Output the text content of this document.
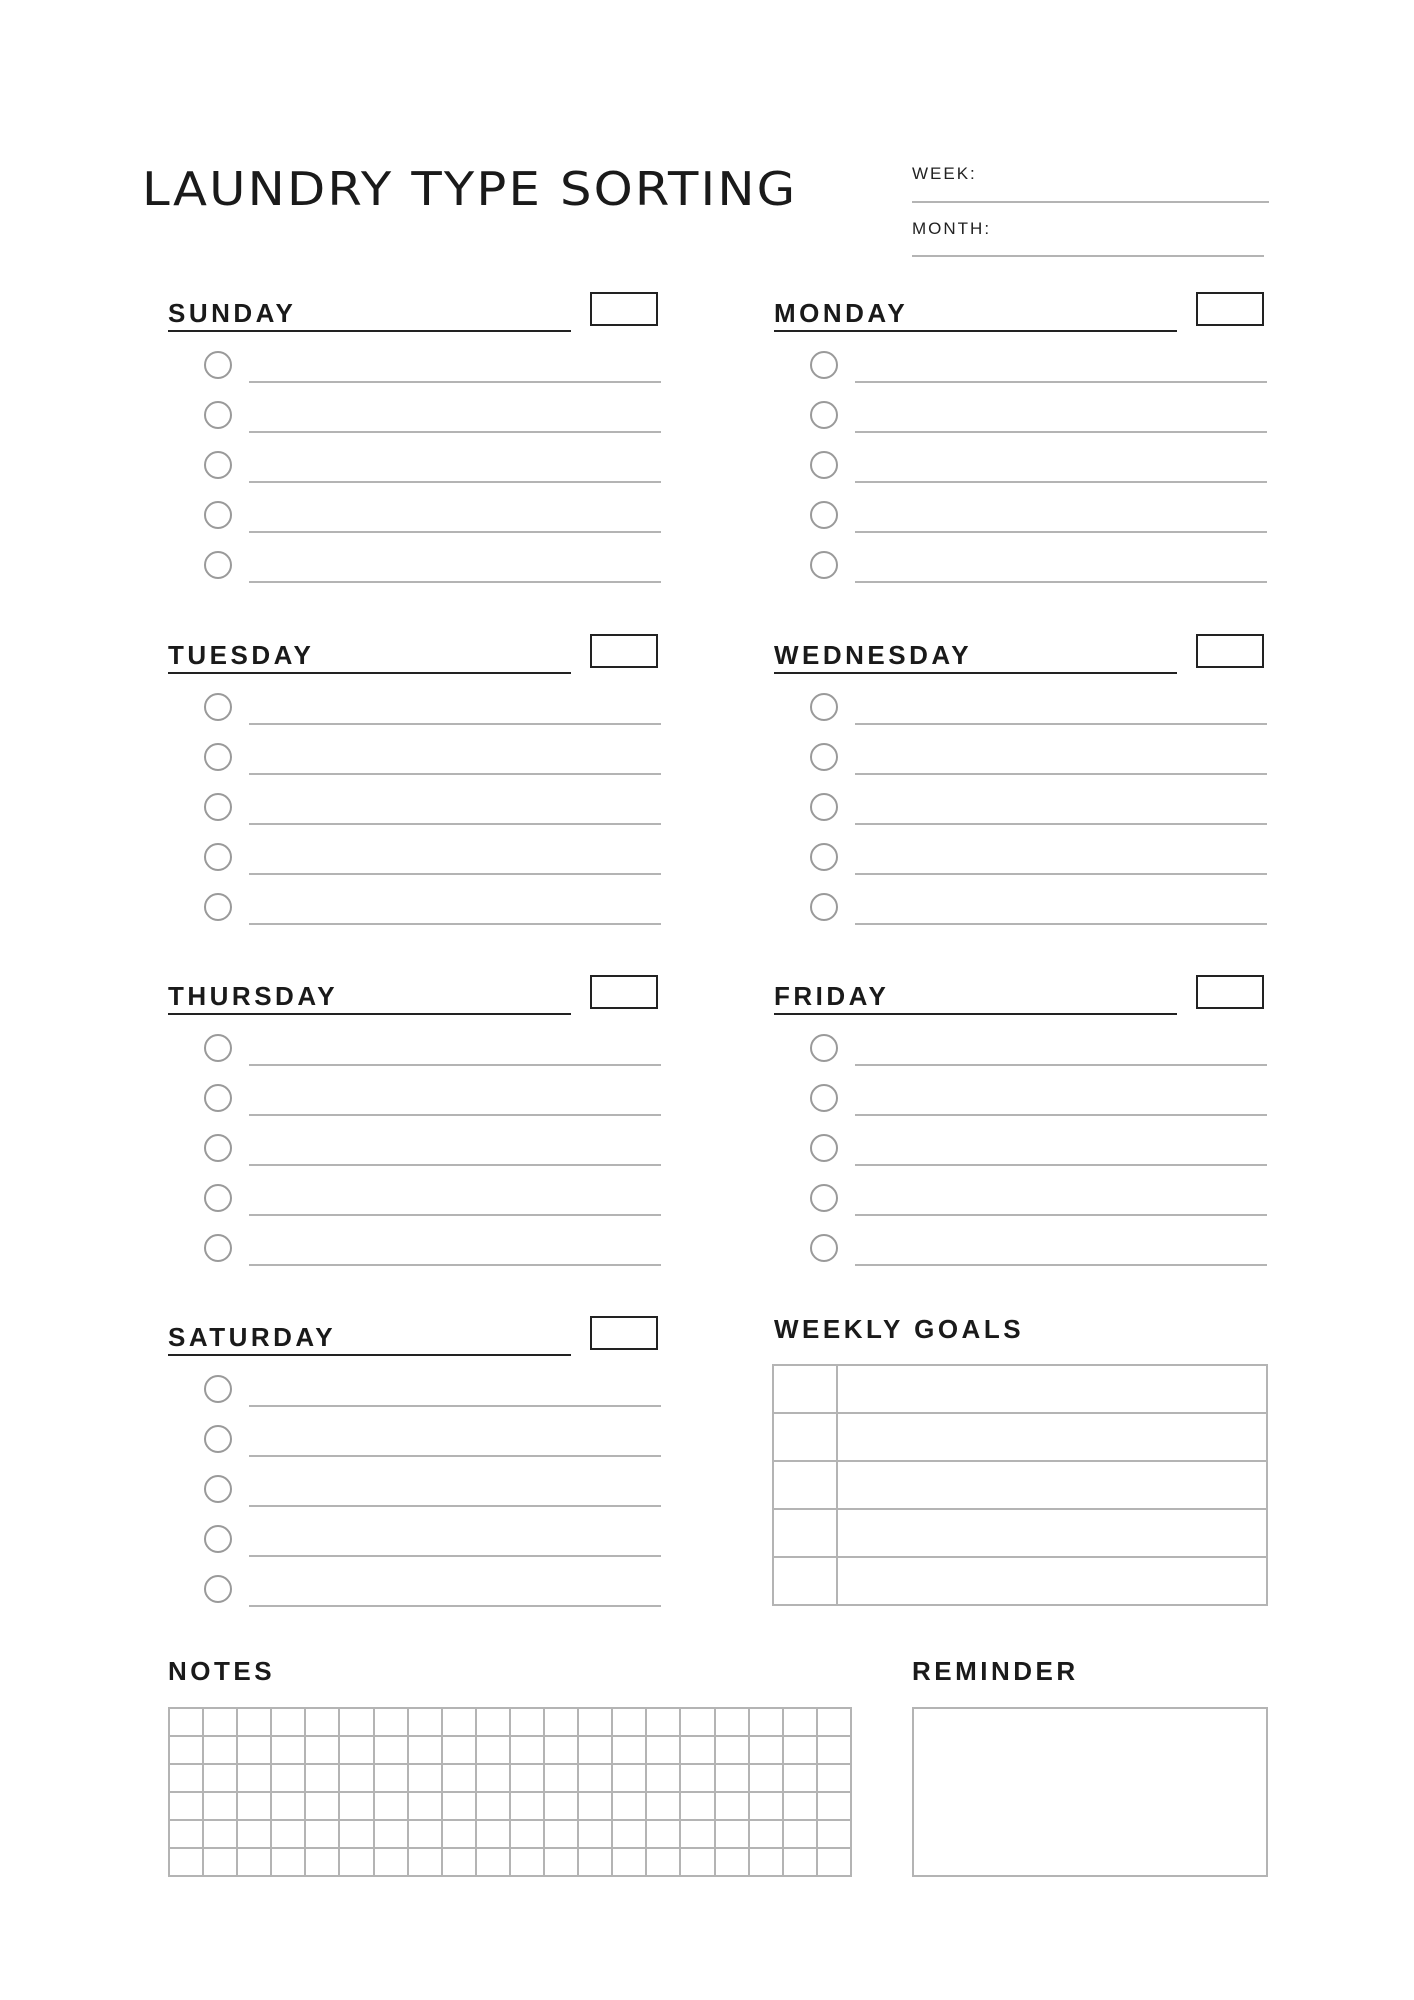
LAUNDRY TYPE SORTING	WEEK:
MONTH:
SUNDAY	MONDAY
TUESDAY	WEDNESDAY
THURSDAY	FRIDAY
SATURDAY	WEEKLY GOALS

NOTES

																				REMINDER
